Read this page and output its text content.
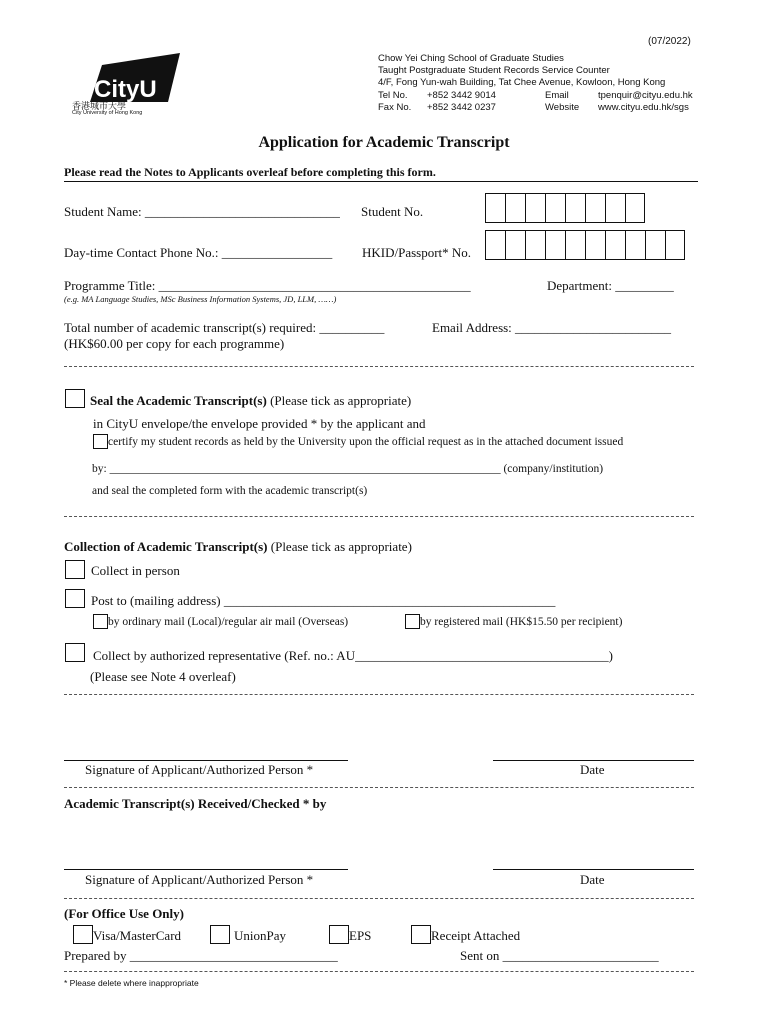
(07/2022)
CityU
香港城市大學
City University of Hong Kong
Chow Yei Ching School of Graduate Studies
Taught Postgraduate Student Records Service Counter
4/F, Fong Yun-wah Building, Tat Chee Avenue, Kowloon, Hong Kong
Tel No.	+852 3442 9014	Email	tpenquir@cityu.edu.hk
Fax No.	+852 3442 0237	Website	www.cityu.edu.hk/sgs
Application for Academic Transcript
Please read the Notes to Applicants overleaf before completing this form.
Student Name: ______________________________ Student No.
Day-time Contact Phone No.: _________________ HKID/Passport* No.
Programme Title: ________________________________________________	Department: _________
(e.g. MA Language Studies, MSc Business Information Systems, JD, LLM, ……)
Total number of academic transcript(s) required: __________	Email Address: ________________________
(HK$60.00 per copy for each programme)
Seal the Academic Transcript(s) (Please tick as appropriate)
in CityU envelope/the envelope provided * by the applicant and
certify my student records as held by the University upon the official request as in the attached document issued
by: ____________________________________________________________________ (company/institution)
and seal the completed form with the academic transcript(s)
Collection of Academic Transcript(s) (Please tick as appropriate)
Collect in person
Post to (mailing address) ___________________________________________________
by ordinary mail (Local)/regular air mail (Overseas)	by registered mail (HK$15.50 per recipient)
Collect by authorized representative (Ref. no.: AU_______________________________________)
(Please see Note 4 overleaf)
Signature of Applicant/Authorized Person *	Date
Academic Transcript(s) Received/Checked * by
Signature of Applicant/Authorized Person *	Date
(For Office Use Only)
Visa/MasterCard	UnionPay	EPS	Receipt Attached
Prepared by ________________________________	Sent on ________________________
* Please delete where inappropriate
